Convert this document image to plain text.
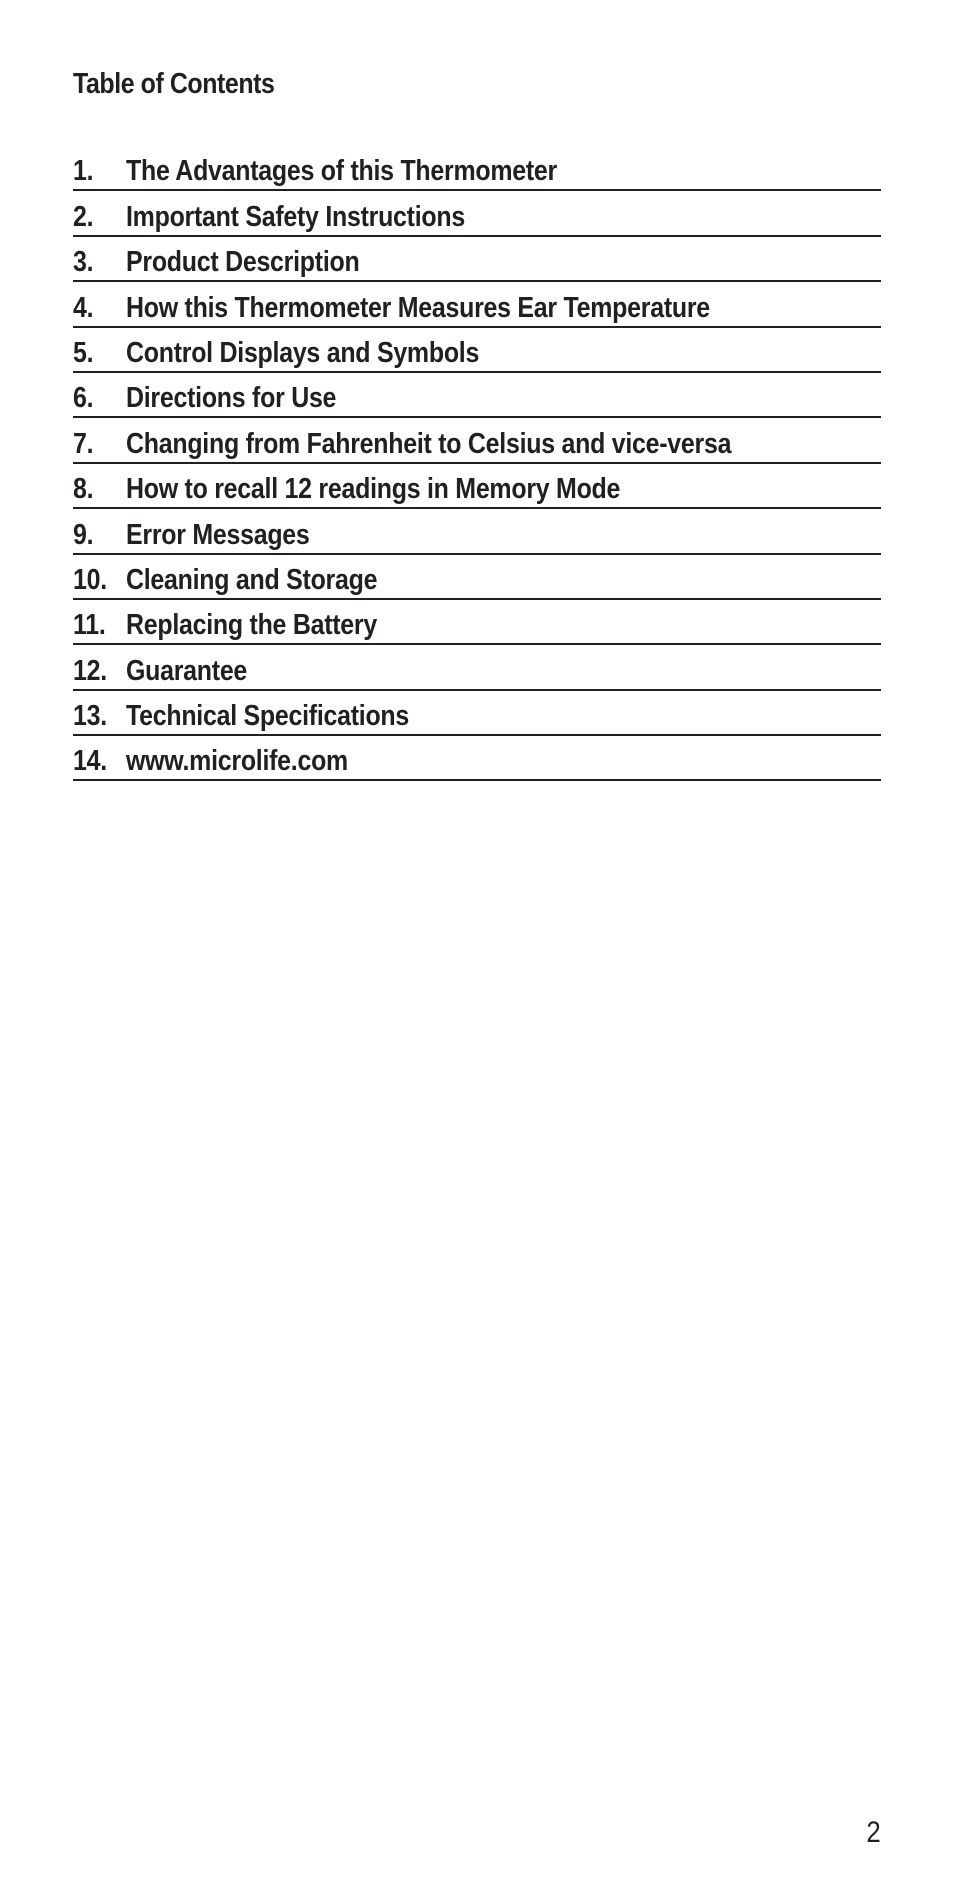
Table of Contents
1. The Advantages of this Thermometer
2. Important Safety Instructions
3. Product Description
4. How this Thermometer Measures Ear Temperature
5. Control Displays and Symbols
6. Directions for Use
7. Changing from Fahrenheit to Celsius and vice-versa
8. How to recall 12 readings in Memory Mode
9. Error Messages
10. Cleaning and Storage
11. Replacing the Battery
12. Guarantee
13. Technical Specifications
14. www.microlife.com
2
